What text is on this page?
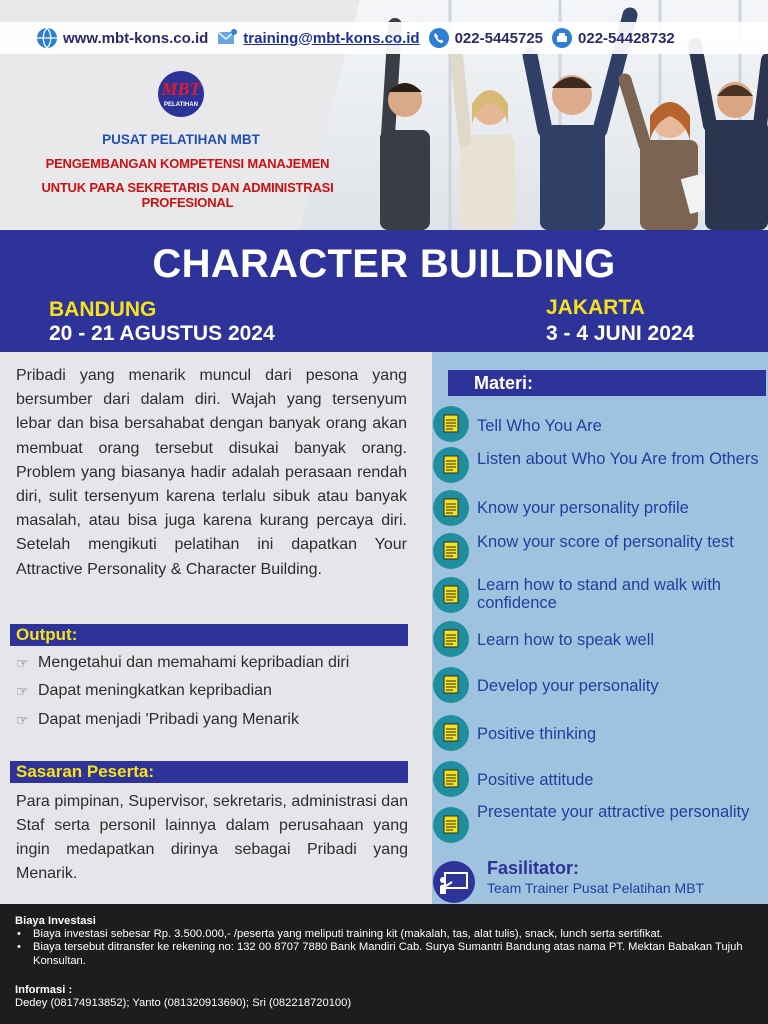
www.mbt-kons.co.id training@mbt-kons.co.id 022-5445725 022-54428732
MBT
PELATIHAN
PUSAT PELATIHAN MBT
PENGEMBANGAN KOMPETENSI MANAJEMEN
UNTUK PARA SEKRETARIS DAN ADMINISTRASI PROFESIONAL
CHARACTER BUILDING
BANDUNG
20 - 21 AGUSTUS 2024
JAKARTA
3 - 4 JUNI 2024
Pribadi yang menarik muncul dari pesona yang bersumber dari dalam diri. Wajah yang tersenyum lebar dan bisa bersahabat dengan banyak orang akan membuat orang tersebut disukai banyak orang. Problem yang biasanya hadir adalah perasaan rendah diri, sulit tersenyum karena terlalu sibuk atau banyak masalah, atau bisa juga karena kurang percaya diri. Setelah mengikuti pelatihan ini dapatkan Your Attractive Personality & Character Building.
Output:
☞ Mengetahui dan memahami kepribadian diri
☞ Dapat meningkatkan kepribadian
☞ Dapat menjadi 'Pribadi yang Menarik
Sasaran Peserta:
Para pimpinan, Supervisor, sekretaris, administrasi dan Staf serta personil lainnya dalam perusahaan yang ingin medapatkan dirinya sebagai Pribadi yang Menarik.
Materi:
Tell Who You Are
Listen about Who You Are from Others
Know your personality profile
Know your score of personality test
Learn how to stand and walk with confidence
Learn how to speak well
Develop your personality
Positive thinking
Positive attitude
Presentate your attractive personality
Fasilitator:
Team Trainer Pusat Pelatihan MBT
Biaya Investasi
• Biaya investasi sebesar Rp. 3.500.000,- /peserta yang meliputi training kit (makalah, tas, alat tulis), snack, lunch serta sertifikat.
• Biaya tersebut ditransfer ke rekening no: 132 00 8707 7880 Bank Mandiri Cab. Surya Sumantri Bandung atas nama PT. Mektan Babakan Tujuh Konsultan.
Informasi :
Dedey (08174913852); Yanto (081320913690); Sri (082218720100)
